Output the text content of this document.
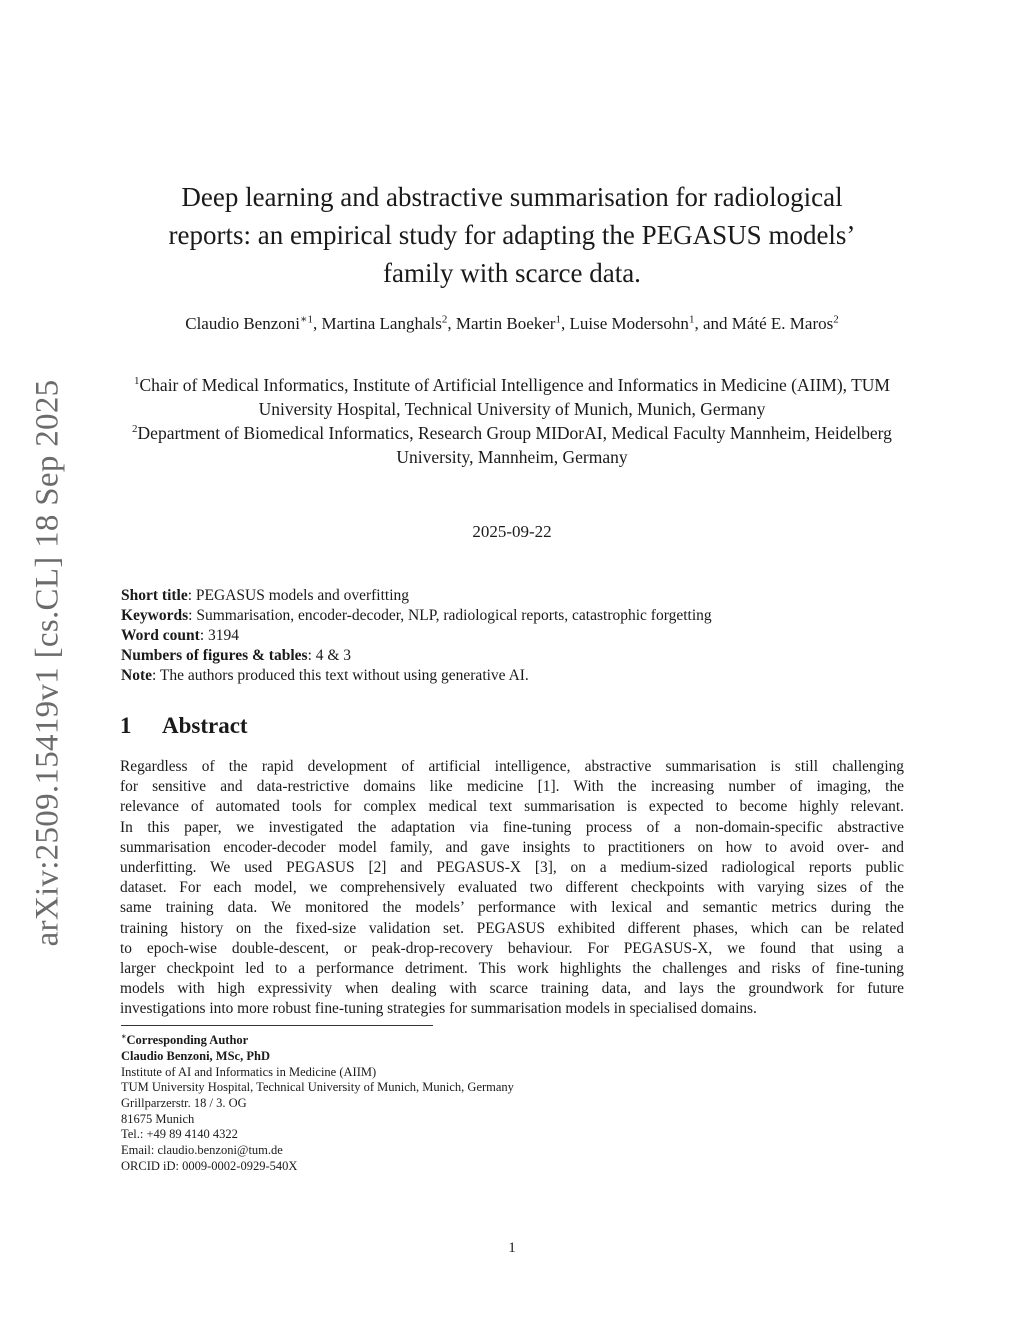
arXiv:2509.15419v1 [cs.CL] 18 Sep 2025
Deep learning and abstractive summarisation for radiological
reports: an empirical study for adapting the PEGASUS models’
family with scarce data.
Claudio Benzoni$^{∗1}$, Martina Langhals$^2$, Martin Boeker$^1$, Luise Modersohn$^1$, and Máté E. Maros$^2$
$^1$Chair of Medical Informatics, Institute of Artificial Intelligence and Informatics in Medicine (AIIM), TUM University Hospital, Technical University of Munich, Munich, Germany
$^2$Department of Biomedical Informatics, Research Group MIDorAI, Medical Faculty Mannheim, Heidelberg University, Mannheim, Germany
2025-09-22
Short title: PEGASUS models and overfitting
Keywords: Summarisation, encoder-decoder, NLP, radiological reports, catastrophic forgetting
Word count: 3194
Numbers of figures & tables: 4 & 3
Note: The authors produced this text without using generative AI.
1 Abstract
Regardless of the rapid development of artificial intelligence, abstractive summarisation is still challenging
for sensitive and data-restrictive domains like medicine [1]. With the increasing number of imaging, the
relevance of automated tools for complex medical text summarisation is expected to become highly relevant.
In this paper, we investigated the adaptation via fine-tuning process of a non-domain-specific abstractive
summarisation encoder-decoder model family, and gave insights to practitioners on how to avoid over- and
underfitting. We used PEGASUS [2] and PEGASUS-X [3], on a medium-sized radiological reports public
dataset. For each model, we comprehensively evaluated two different checkpoints with varying sizes of the
same training data. We monitored the models’ performance with lexical and semantic metrics during the
training history on the fixed-size validation set. PEGASUS exhibited different phases, which can be related
to epoch-wise double-descent, or peak-drop-recovery behaviour. For PEGASUS-X, we found that using a
larger checkpoint led to a performance detriment. This work highlights the challenges and risks of fine-tuning
models with high expressivity when dealing with scarce training data, and lays the groundwork for future
investigations into more robust fine-tuning strategies for summarisation models in specialised domains.
∗Corresponding Author
Claudio Benzoni, MSc, PhD
Institute of AI and Informatics in Medicine (AIIM)
TUM University Hospital, Technical University of Munich, Munich, Germany
Grillparzerstr. 18 / 3. OG
81675 Munich
Tel.: +49 89 4140 4322
Email: claudio.benzoni@tum.de
ORCID iD: 0009-0002-0929-540X
1
